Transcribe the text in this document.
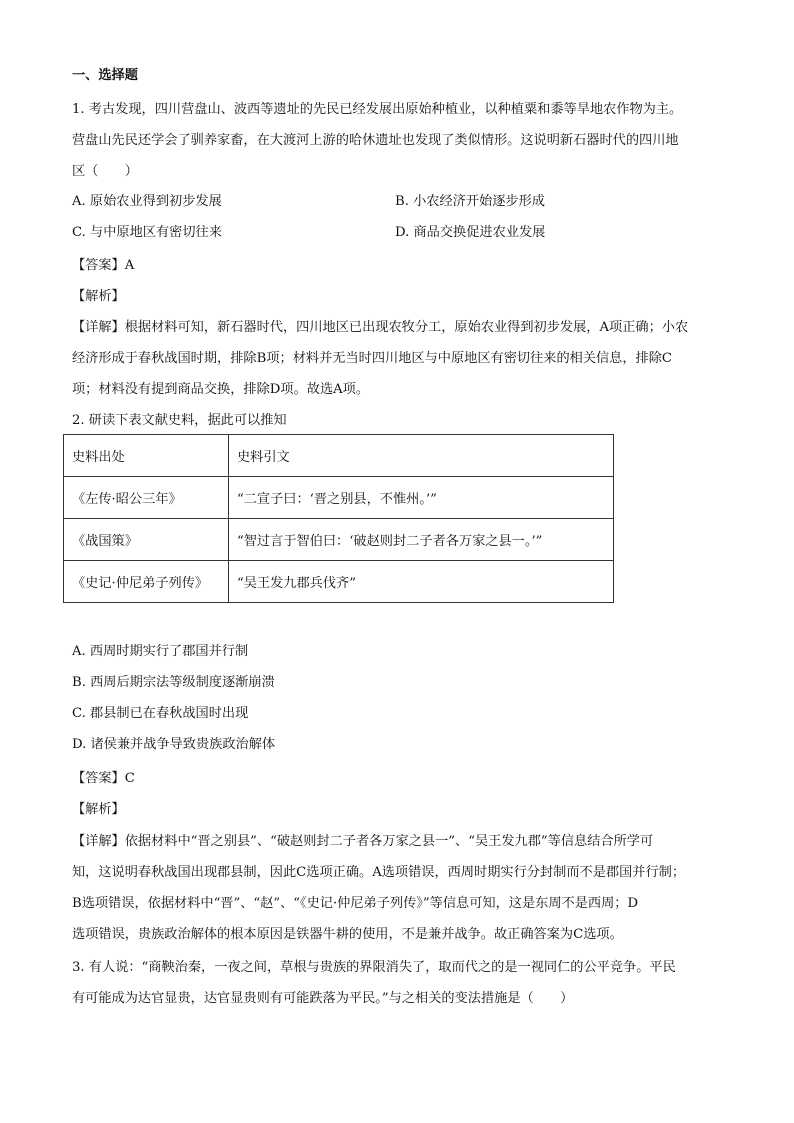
一、选择题
1. 考古发现，四川营盘山、波西等遗址的先民已经发展出原始种植业，以种植粟和黍等旱地农作物为主。
营盘山先民还学会了驯养家畜，在大渡河上游的哈休遗址也发现了类似情形。这说明新石器时代的四川地
区（　　）
A. 原始农业得到初步发展	B. 小农经济开始逐步形成
C. 与中原地区有密切往来	D. 商品交换促进农业发展
【答案】A
【解析】
【详解】根据材料可知，新石器时代，四川地区已出现农牧分工，原始农业得到初步发展，A项正确；小农
经济形成于春秋战国时期，排除B项；材料并无当时四川地区与中原地区有密切往来的相关信息，排除C
项；材料没有提到商品交换，排除D项。故选A项。
2. 研读下表文献史料，据此可以推知
史料出处	史料引文
《左传·昭公三年》	“二宣子曰：‘晋之别县，不惟州。’”
《战国策》	“智过言于智伯曰：‘破赵则封二子者各万家之县一。’”
《史记·仲尼弟子列传》	“吴王发九郡兵伐齐”
A. 西周时期实行了郡国并行制
B. 西周后期宗法等级制度逐渐崩溃
C. 郡县制已在春秋战国时出现
D. 诸侯兼并战争导致贵族政治解体
【答案】C
【解析】
【详解】依据材料中“晋之别县”、“破赵则封二子者各万家之县一”、“吴王发九郡”等信息结合所学可
知，这说明春秋战国出现郡县制，因此C选项正确。A选项错误，西周时期实行分封制而不是郡国并行制；
B选项错误，依据材料中“晋”、“赵”、“《史记·仲尼弟子列传》”等信息可知，这是东周不是西周；D
选项错误，贵族政治解体的根本原因是铁器牛耕的使用，不是兼并战争。故正确答案为C选项。
3. 有人说：“商鞅治秦，一夜之间，草根与贵族的界限消失了，取而代之的是一视同仁的公平竞争。平民
有可能成为达官显贵，达官显贵则有可能跌落为平民。”与之相关的变法措施是（　　）
